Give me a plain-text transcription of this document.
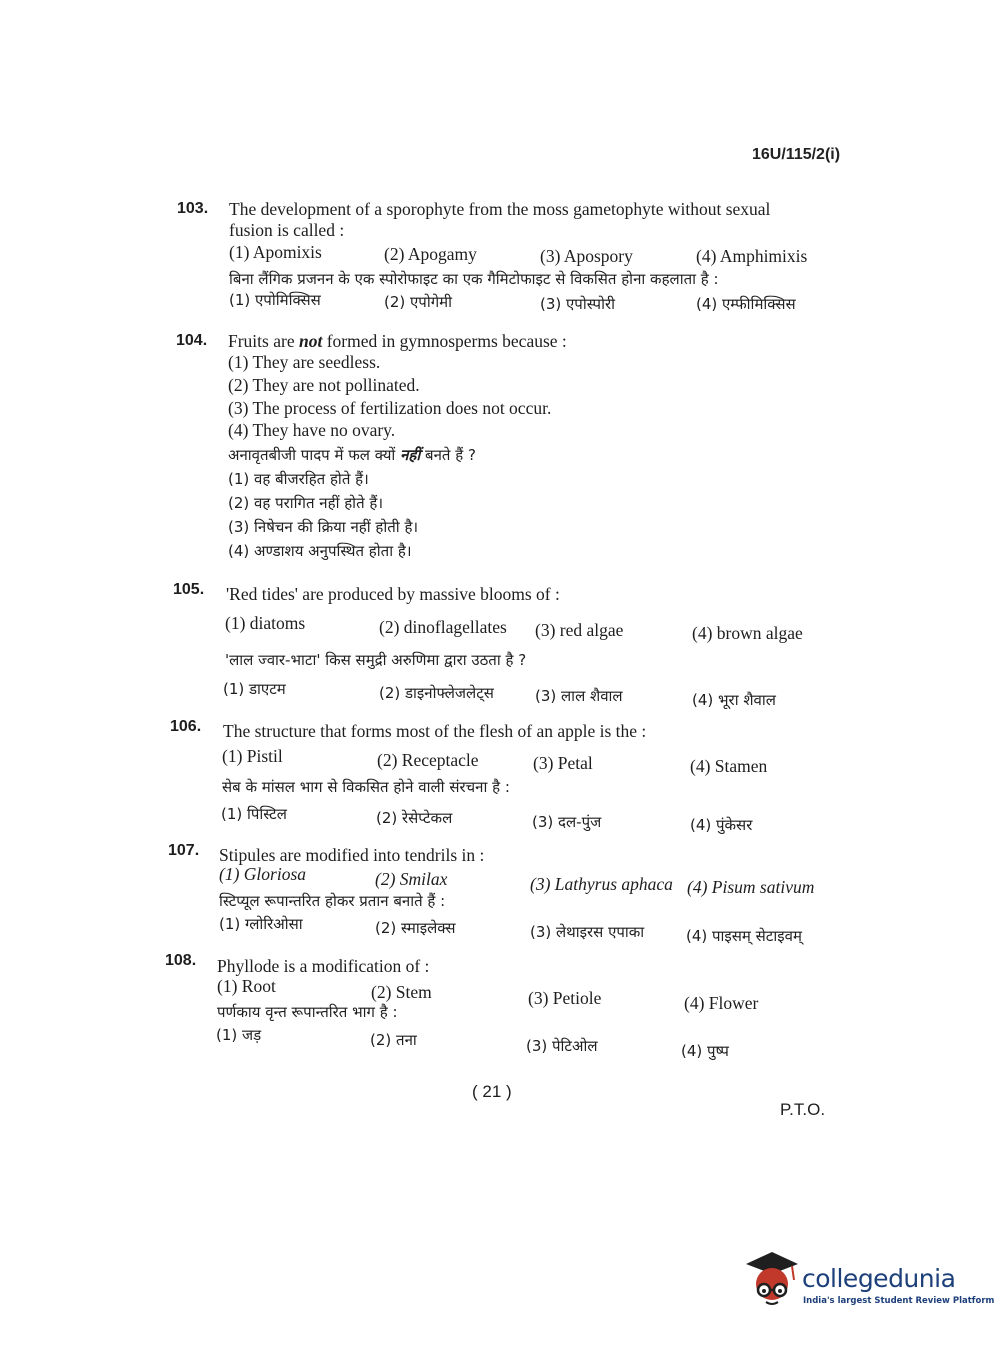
16U/115/2(i)
103. The development of a sporophyte from the moss gametophyte without sexual
fusion is called :
(1) Apomixis	(2) Apogamy	(3) Apospory	(4) Amphimixis
बिना लैंगिक प्रजनन के एक स्पोरोफाइट का एक गैमिटोफाइट से विकसित होना कहलाता है :
(1) एपोमिक्सिस	(2) एपोगेमी	(3) एपोस्पोरी	(4) एम्फीमिक्सिस
104. Fruits are not formed in gymnosperms because :
(1) They are seedless.
(2) They are not pollinated.
(3) The process of fertilization does not occur.
(4) They have no ovary.
अनावृतबीजी पादप में फल क्यों नहीं बनते हैं ?
(1) वह बीजरहित होते हैं।
(2) वह परागित नहीं होते हैं।
(3) निषेचन की क्रिया नहीं होती है।
(4) अण्डाशय अनुपस्थित होता है।
105. 'Red tides' are produced by massive blooms of :
(1) diatoms	(2) dinoflagellates (3) red algae	(4) brown algae
'लाल ज्वार-भाटा' किस समुद्री अरुणिमा द्वारा उठता है ?
(1) डाएटम	(2) डाइनोफ्लेजलेट्स	(3) लाल शैवाल	(4) भूरा शैवाल
106. The structure that forms most of the flesh of an apple is the :
(1) Pistil	(2) Receptacle	(3) Petal	(4) Stamen
सेब के मांसल भाग से विकसित होने वाली संरचना है :
(1) पिस्टिल	(2) रेसेप्टेकल	(3) दल-पुंज	(4) पुंकेसर
107. Stipules are modified into tendrils in :
(1) Gloriosa	(2) Smilax	(3) Lathyrus aphaca (4) Pisum sativum
स्टिप्यूल रूपान्तरित होकर प्रतान बनाते हैं :
(1) ग्लोरिओसा	(2) स्माइलेक्स	(3) लेथाइरस एपाका	(4) पाइसम् सेटाइवम्
108. Phyllode is a modification of :
(1) Root	(2) Stem	(3) Petiole	(4) Flower
पर्णकाय वृन्त रूपान्तरित भाग है :
(1) जड़	(2) तना	(3) पेटिओल	(4) पुष्प
( 21 )
P.T.O.
collegedunia
India's largest Student Review Platform
